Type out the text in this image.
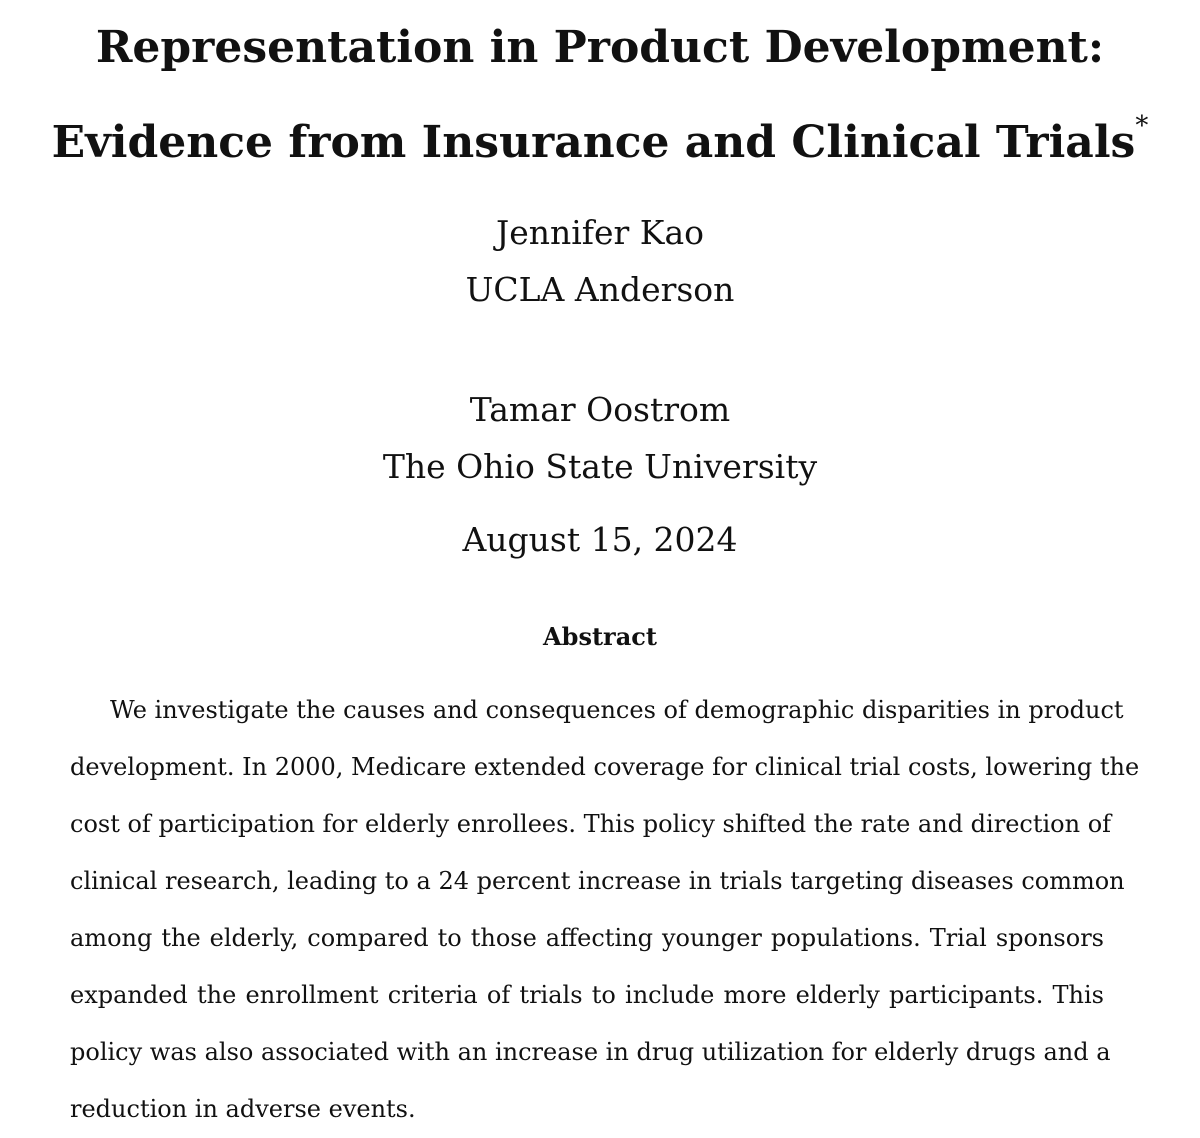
Representation in Product Development:
Evidence from Insurance and Clinical Trials*
Jennifer Kao
UCLA Anderson
Tamar Oostrom
The Ohio State University
August 15, 2024
Abstract
We investigate the causes and consequences of demographic disparities in product
development. In 2000, Medicare extended coverage for clinical trial costs, lowering the
cost of participation for elderly enrollees. This policy shifted the rate and direction of
clinical research, leading to a 24 percent increase in trials targeting diseases common
among the elderly, compared to those affecting younger populations. Trial sponsors
expanded the enrollment criteria of trials to include more elderly participants. This
policy was also associated with an increase in drug utilization for elderly drugs and a
reduction in adverse events.
